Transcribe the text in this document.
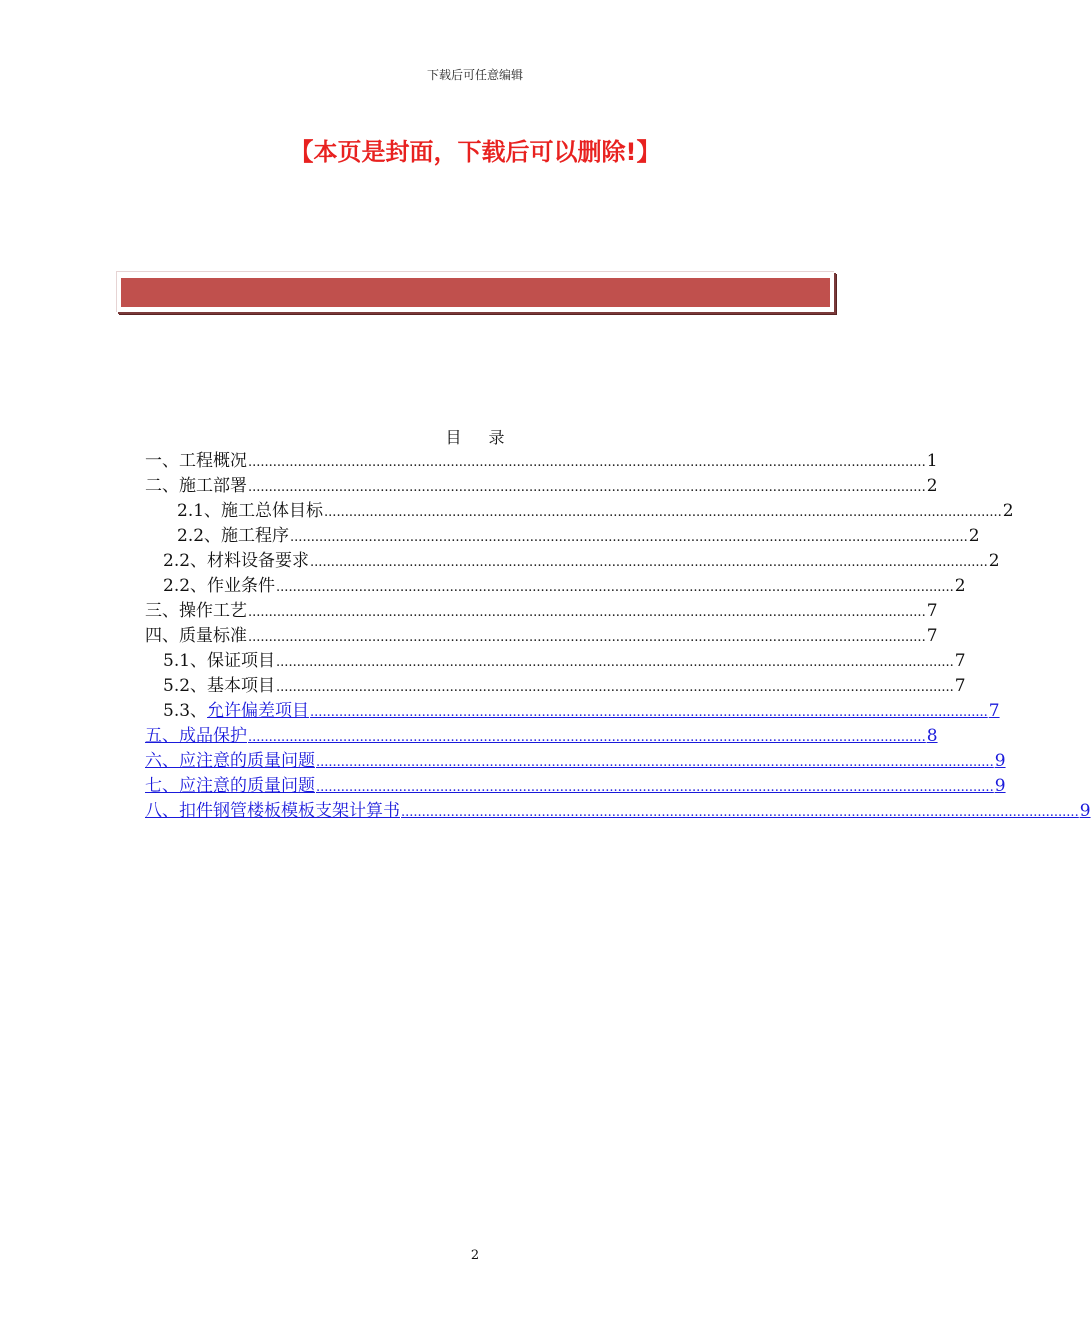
下载后可任意编辑
【本页是封面，下载后可以删除!】
目 录
一、工程概况 .................................................................................................................................................................... 1
二、施工部署 .................................................................................................................................................................... 2
2.1、施工总体目标 .................................................................................................................................................................... 2
2.2、施工程序 .................................................................................................................................................................... 2
2.2、材料设备要求 .................................................................................................................................................................... 2
2.2、作业条件 .................................................................................................................................................................... 2
三、操作工艺 .................................................................................................................................................................... 7
四、质量标准 .................................................................................................................................................................... 7
5.1、保证项目 .................................................................................................................................................................... 7
5.2、基本项目 .................................................................................................................................................................... 7
5.3、 允许偏差项目 .................................................................................................................................................................... 7
五、成品保护 .................................................................................................................................................................... 8
六、应注意的质量问题 .................................................................................................................................................................... 9
七、应注意的质量问题 .................................................................................................................................................................... 9
八、扣件钢管楼板模板支架计算书 .................................................................................................................................................................... 9
2
